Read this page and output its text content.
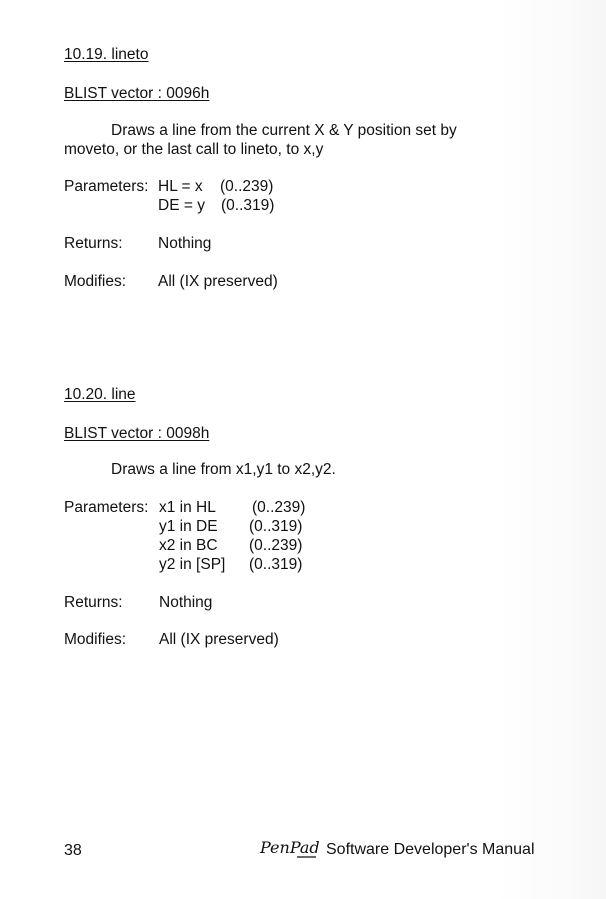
10.19. lineto
BLIST vector : 0096h
Draws a line from the current X & Y position set by moveto, or the last call to lineto, to x,y
Parameters: HL = x (0..239)
DE = y (0..319)
Returns: Nothing
Modifies: All (IX preserved)
10.20. line
BLIST vector : 0098h
Draws a line from x1,y1 to x2,y2.
Parameters: x1 in HL (0..239)
y1 in DE (0..319)
x2 in BC (0..239)
y2 in [SP] (0..319)
Returns: Nothing
Modifies: All (IX preserved)
38	PenPad Software Developer's Manual
